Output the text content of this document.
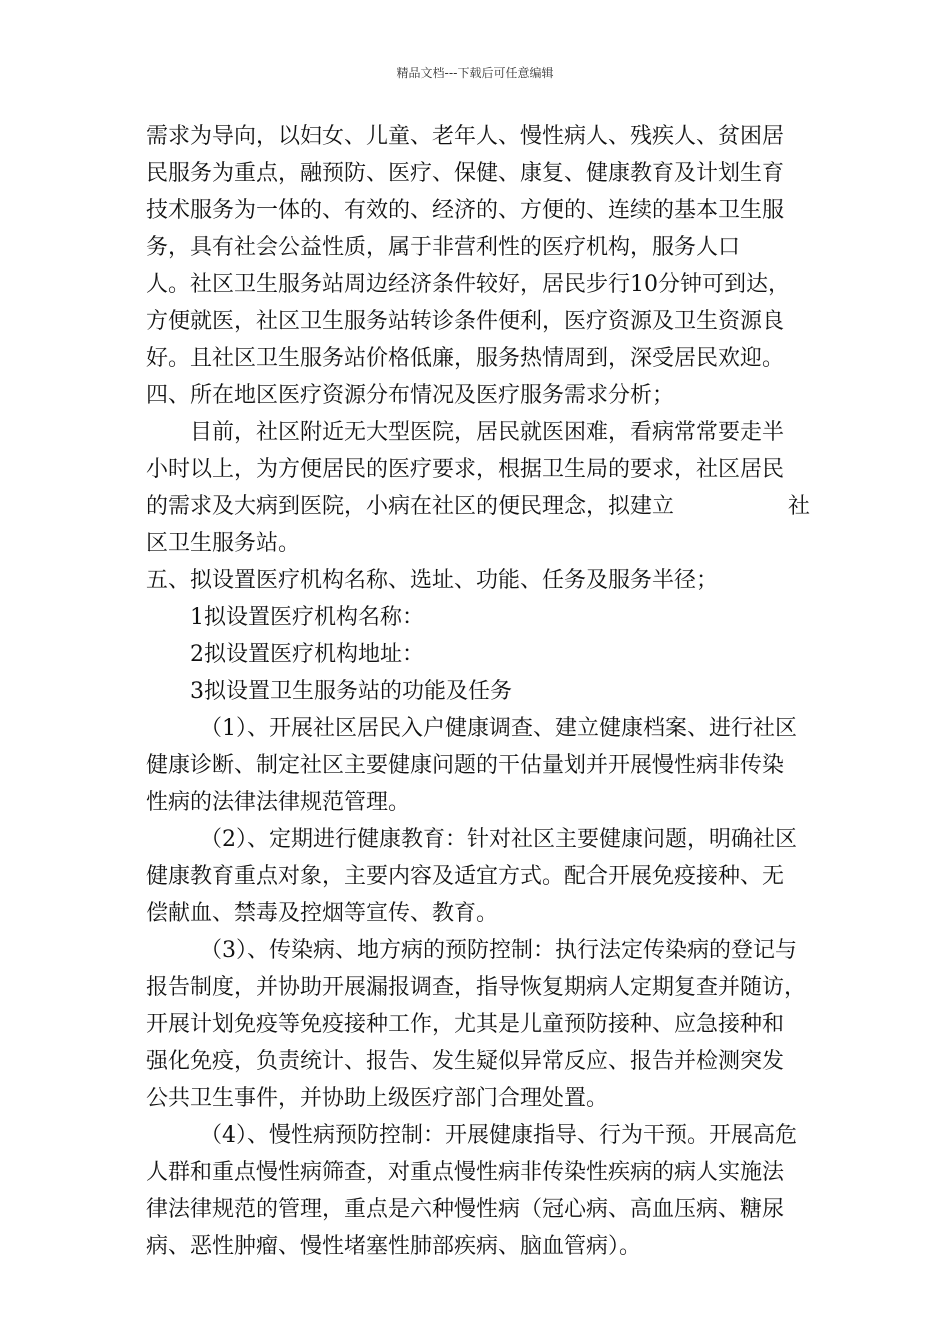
精品文档---下载后可任意编辑
需求为导向，以妇女、儿童、老年人、慢性病人、残疾人、贫困居
民服务为重点，融预防、医疗、保健、康复、健康教育及计划生育
技术服务为一体的、有效的、经济的、方便的、连续的基本卫生服
务，具有社会公益性质，属于非营利性的医疗机构，服务人口
人。社区卫生服务站周边经济条件较好，居民步行10分钟可到达，
方便就医，社区卫生服务站转诊条件便利，医疗资源及卫生资源良
好。且社区卫生服务站价格低廉，服务热情周到，深受居民欢迎。
四、所在地区医疗资源分布情况及医疗服务需求分析；
目前，社区附近无大型医院，居民就医困难，看病常常要走半
小时以上，为方便居民的医疗要求，根据卫生局的要求，社区居民
的需求及大病到医院，小病在社区的便民理念，拟建立	社
区卫生服务站。
五、拟设置医疗机构名称、选址、功能、任务及服务半径；
1拟设置医疗机构名称：
2拟设置医疗机构地址：
3拟设置卫生服务站的功能及任务
（1）、开展社区居民入户健康调查、建立健康档案、进行社区
健康诊断、制定社区主要健康问题的干估量划并开展慢性病非传染
性病的法律法律规范管理。
（2）、定期进行健康教育：针对社区主要健康问题，明确社区
健康教育重点对象，主要内容及适宜方式。配合开展免疫接种、无
偿献血、禁毒及控烟等宣传、教育。
（3）、传染病、地方病的预防控制：执行法定传染病的登记与
报告制度，并协助开展漏报调查，指导恢复期病人定期复查并随访，
开展计划免疫等免疫接种工作，尤其是儿童预防接种、应急接种和
强化免疫，负责统计、报告、发生疑似异常反应、报告并检测突发
公共卫生事件，并协助上级医疗部门合理处置。
（4）、慢性病预防控制：开展健康指导、行为干预。开展高危
人群和重点慢性病筛查，对重点慢性病非传染性疾病的病人实施法
律法律规范的管理，重点是六种慢性病（冠心病、高血压病、糖尿
病、恶性肿瘤、慢性堵塞性肺部疾病、脑血管病）。
